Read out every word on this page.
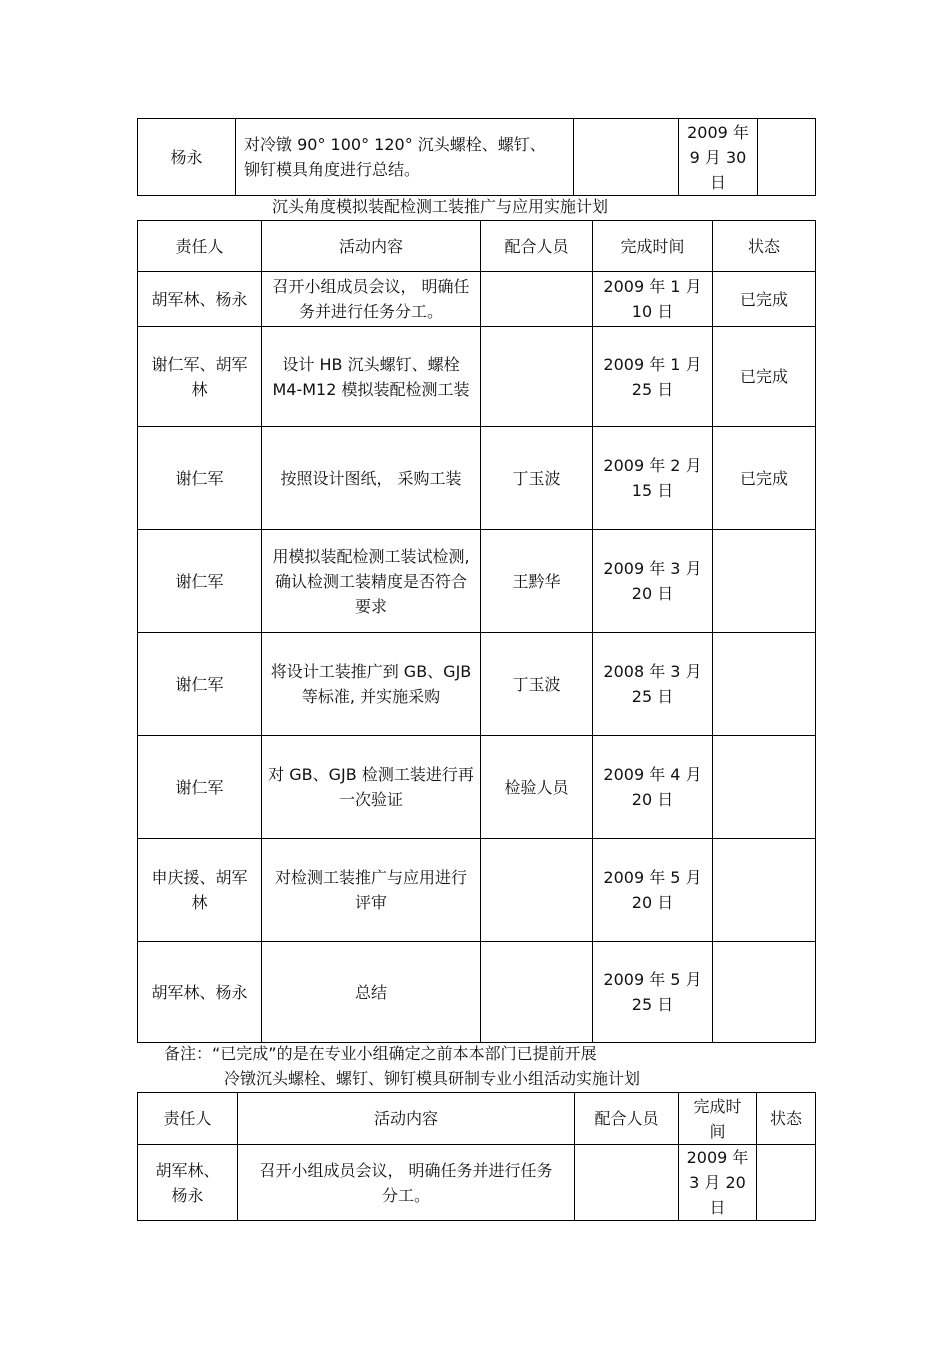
杨永	对冷镦 90° 100° 120° 沉头螺栓、螺钉、铆钉模具角度进行总结。		2009 年 9 月 30 日	
沉头角度模拟装配检测工装推广与应用实施计划
责任人	活动内容	配合人员	完成时间	状态
胡军林、杨永	召开小组成员会议， 明确任务并进行任务分工。		2009 年 1 月 10 日	已完成
谢仁军、胡军林	设计 HB 沉头螺钉、螺栓 M4-M12 模拟装配检测工装		2009 年 1 月 25 日	已完成
谢仁军	按照设计图纸， 采购工装	丁玉波	2009 年 2 月 15 日	已完成
谢仁军	用模拟装配检测工装试检测, 确认检测工装精度是否符合要求	王黔华	2009 年 3 月 20 日	
谢仁军	将设计工装推广到 GB、GJB 等标准, 并实施采购	丁玉波	2008 年 3 月 25 日	
谢仁军	对 GB、GJB 检测工装进行再一次验证	检验人员	2009 年 4 月 20 日	
申庆援、胡军林	对检测工装推广与应用进行评审		2009 年 5 月 20 日	
胡军林、杨永	总结		2009 年 5 月 25 日	
备注：“已完成”的是在专业小组确定之前本本部门已提前开展
冷镦沉头螺栓、螺钉、铆钉模具研制专业小组活动实施计划
责任人	活动内容	配合人员	完成时间	状态
胡军林、杨永	召开小组成员会议， 明确任务并进行任务分工。		2009 年 3 月 20 日	
